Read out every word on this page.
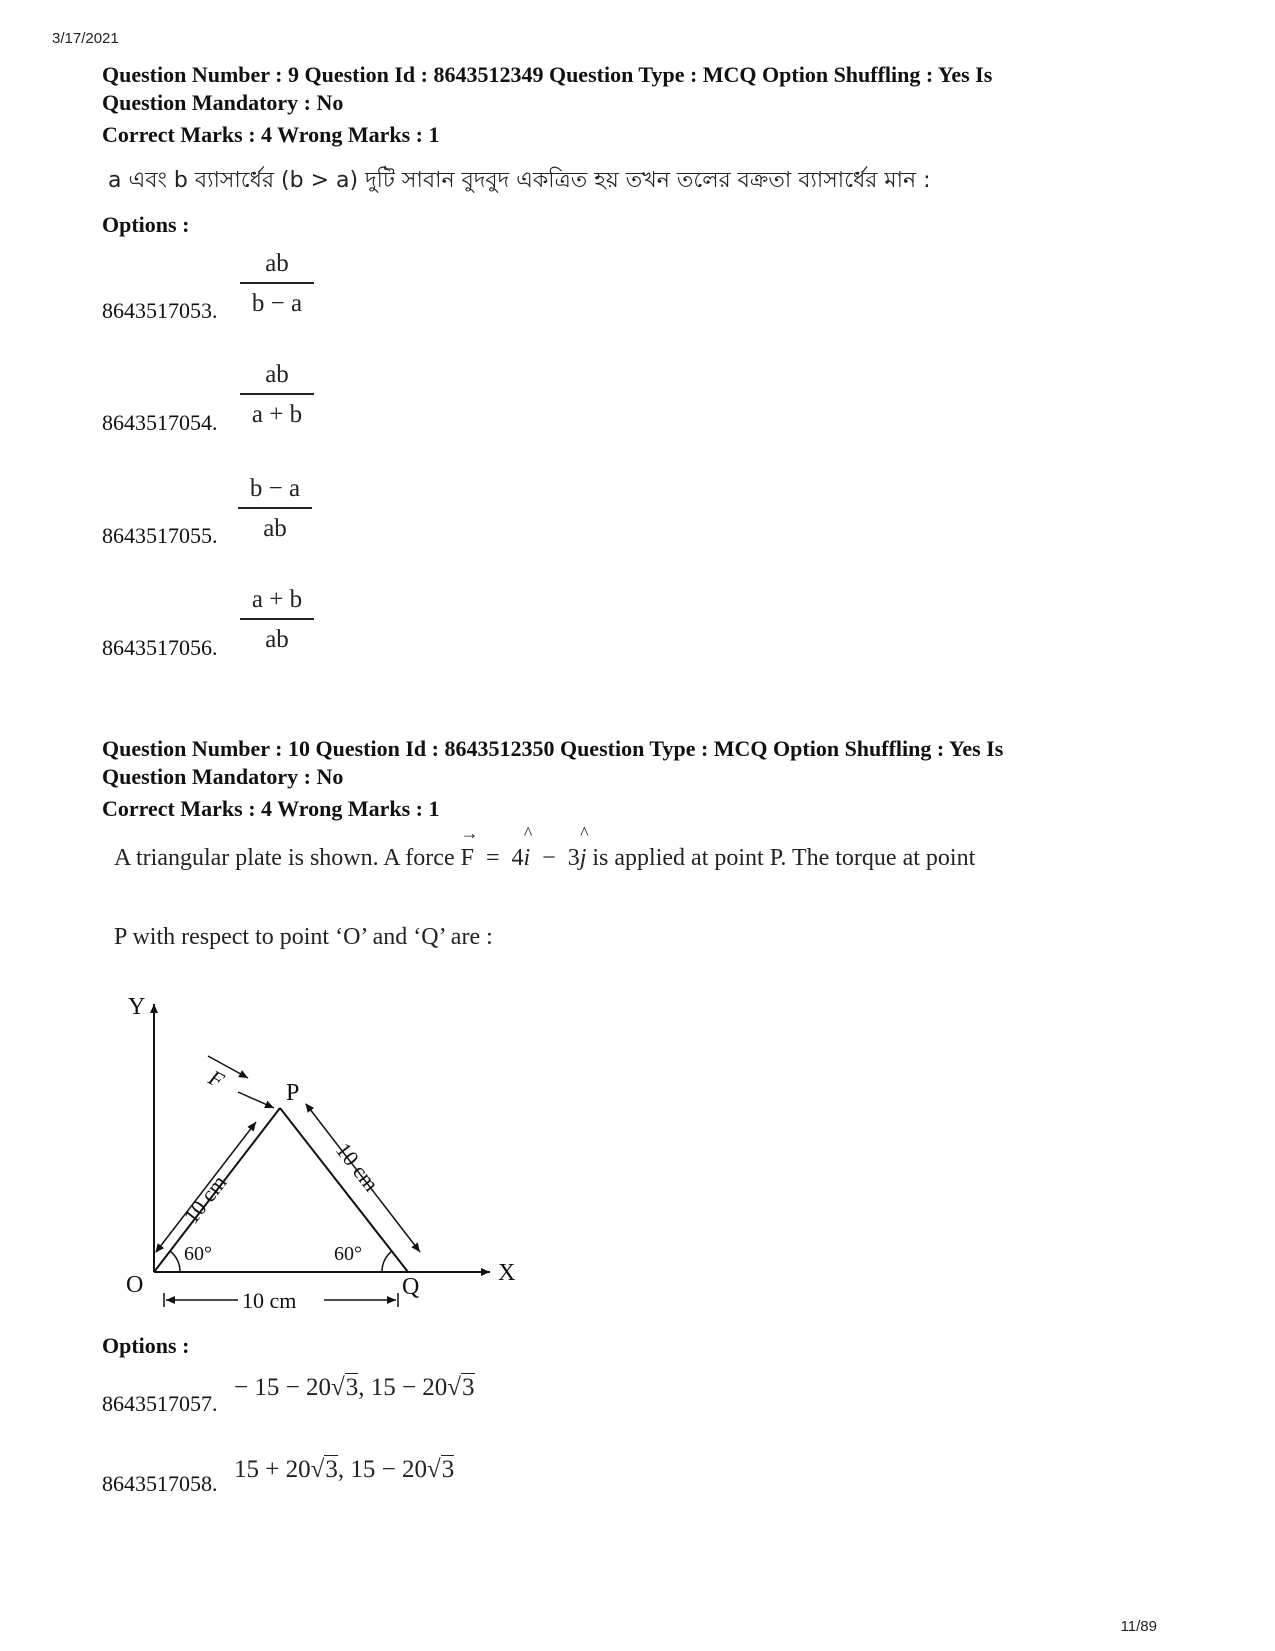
3/17/2021
11/89
Question Number : 9 Question Id : 8643512349 Question Type : MCQ Option Shuffling : Yes Is
Question Mandatory : No
Correct Marks : 4 Wrong Marks : 1
a এবং b ব্যাসার্ধের (b > a) দুটি সাবান বুদবুদ একত্রিত হয় তখন তলের বক্রতা ব্যাসার্ধের মান :
Options :
8643517053.
ab
b − a
8643517054.
ab
a + b
8643517055.
b − a
ab
8643517056.
a + b
ab
Question Number : 10 Question Id : 8643512350 Question Type : MCQ Option Shuffling : Yes Is
Question Mandatory : No
Correct Marks : 4 Wrong Marks : 1
A triangular plate is shown. A force
→
F = 4
^
i − 3
^
j is applied at point P. The torque at point
P with respect to point ‘O’ and ‘Q’ are :
Y
X
O
P
Q
F
10 cm
10 cm
10 cm
60°	60°
Options :
8643517057.
− 15 − 20√3, 15 − 20√3
8643517058.
15 + 20√3, 15 − 20√3
